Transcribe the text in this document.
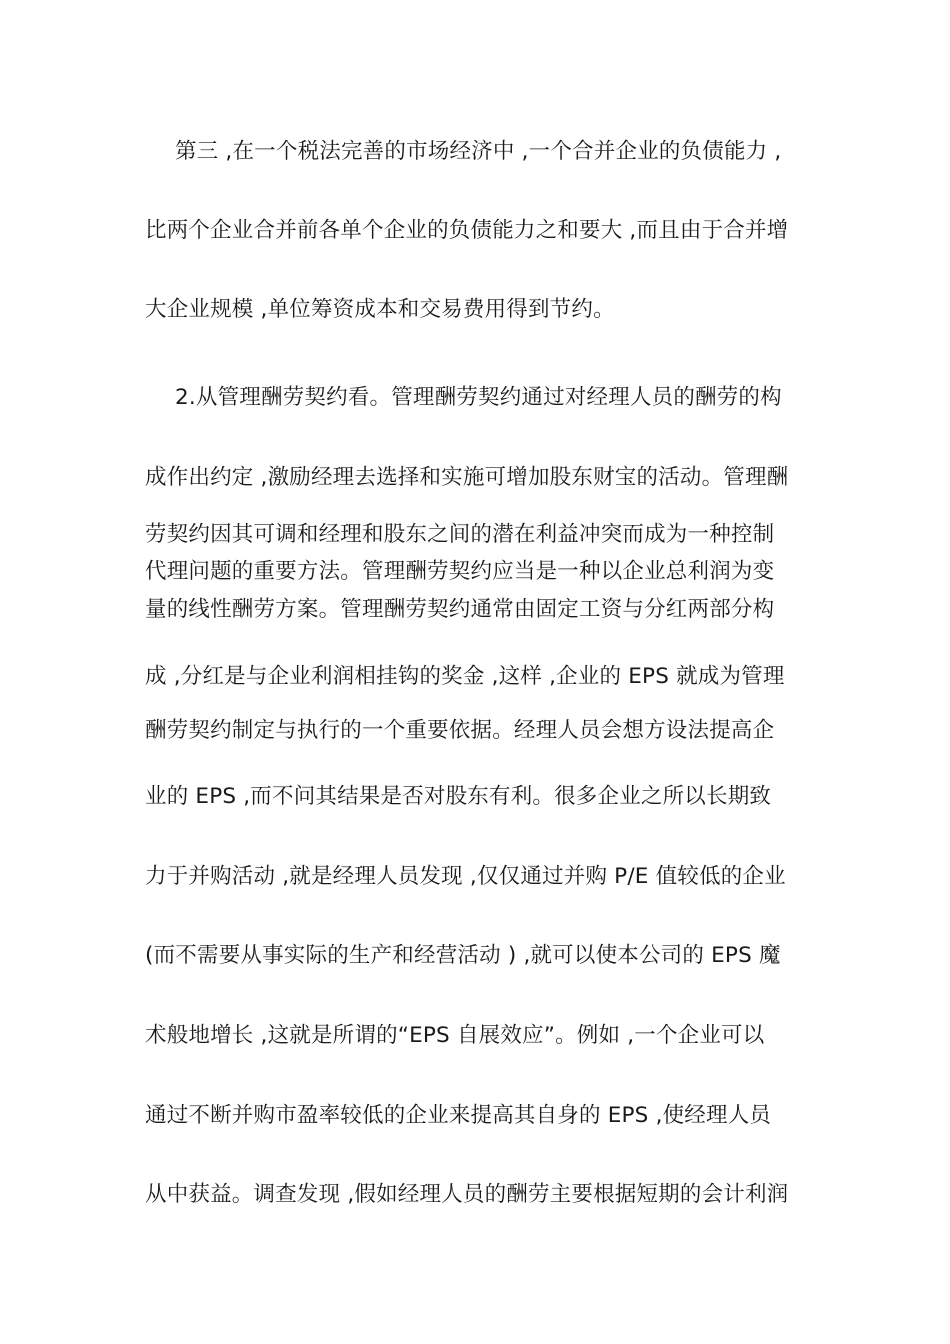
第三 ,在一个税法完善的市场经济中 ,一个合并企业的负债能力 ,
比两个企业合并前各单个企业的负债能力之和要大 ,而且由于合并增
大企业规模 ,单位筹资成本和交易费用得到节约。
2.从管理酬劳契约看。管理酬劳契约通过对经理人员的酬劳的构
成作出约定 ,激励经理去选择和实施可增加股东财宝的活动。管理酬
劳契约因其可调和经理和股东之间的潜在利益冲突而成为一种控制
代理问题的重要方法。管理酬劳契约应当是一种以企业总利润为变
量的线性酬劳方案。管理酬劳契约通常由固定工资与分红两部分构
成 ,分红是与企业利润相挂钩的奖金 ,这样 ,企业的 EPS 就成为管理
酬劳契约制定与执行的一个重要依据。经理人员会想方设法提高企
业的 EPS ,而不问其结果是否对股东有利。很多企业之所以长期致
力于并购活动 ,就是经理人员发现 ,仅仅通过并购 P/E 值较低的企业
(而不需要从事实际的生产和经营活动 ) ,就可以使本公司的 EPS 魔
术般地增长 ,这就是所谓的“EPS 自展效应”。例如 ,一个企业可以
通过不断并购市盈率较低的企业来提高其自身的 EPS ,使经理人员
从中获益。调查发现 ,假如经理人员的酬劳主要根据短期的会计利润
